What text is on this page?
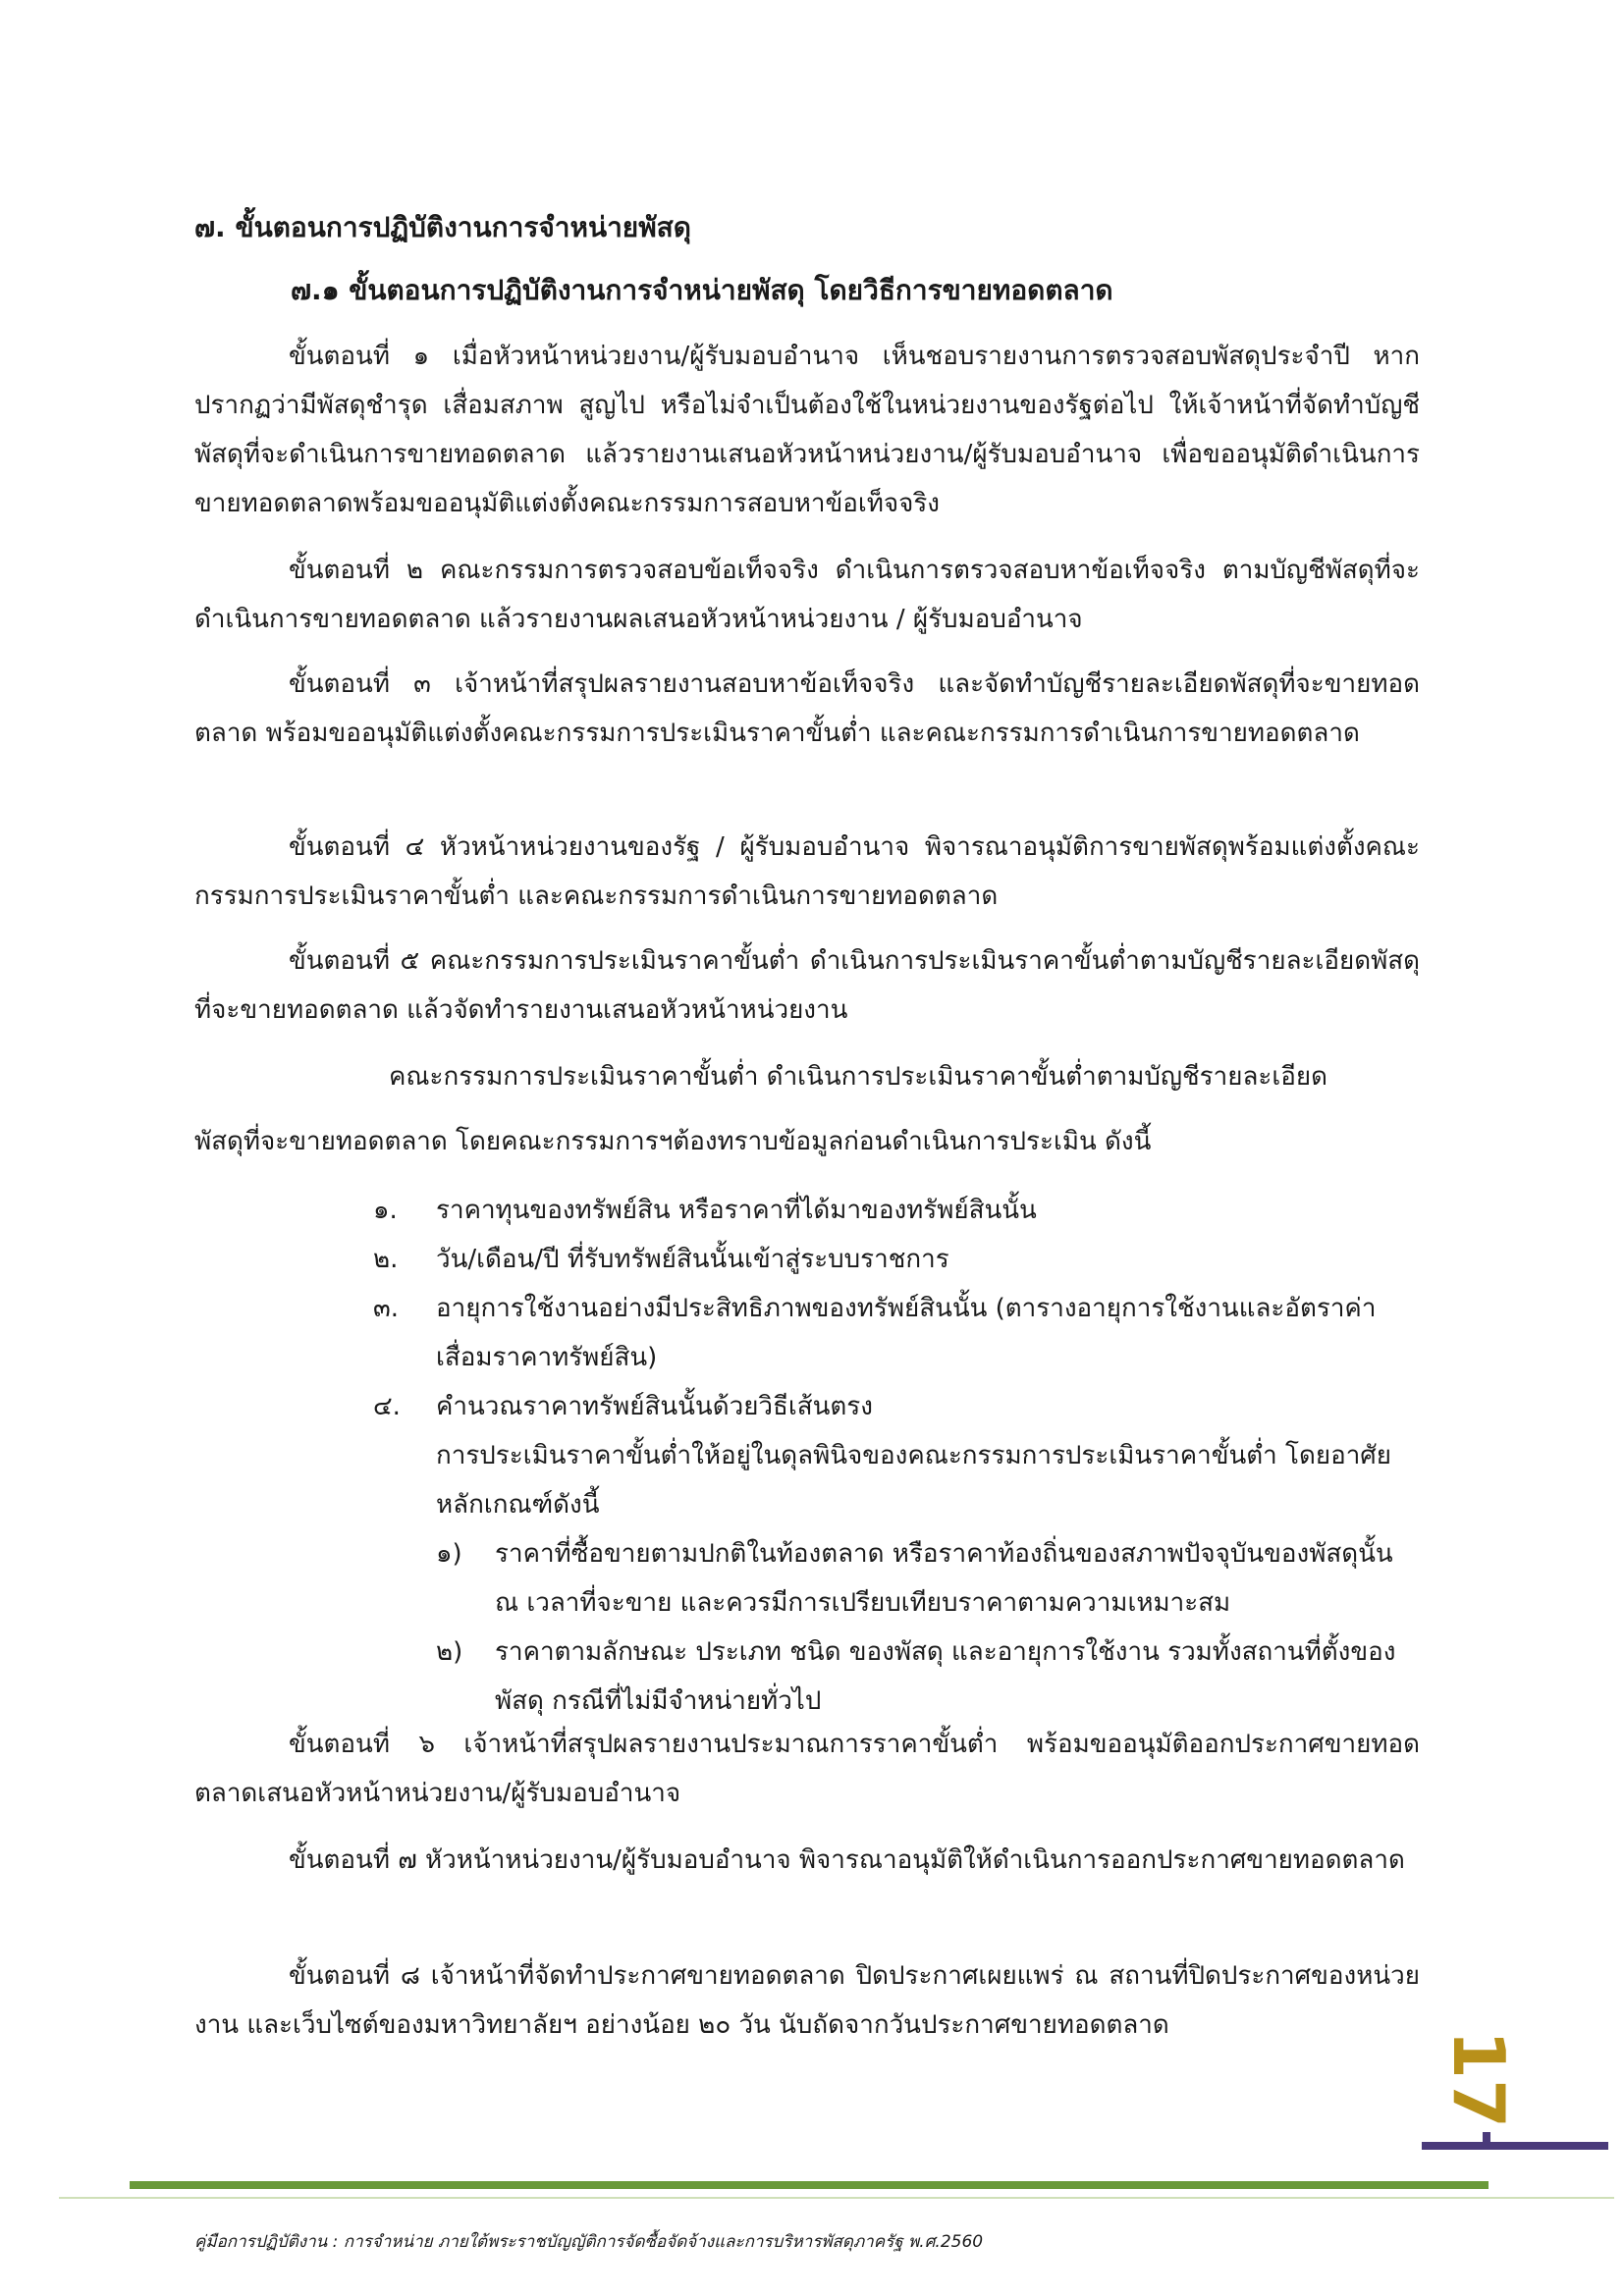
๗. ขั้นตอนการปฏิบัติงานการจำหน่ายพัสดุ
๗.๑ ขั้นตอนการปฏิบัติงานการจำหน่ายพัสดุ โดยวิธีการขายทอดตลาด

ขั้นตอนที่ ๑ เมื่อหัวหน้าหน่วยงาน/ผู้รับมอบอำนาจ เห็นชอบรายงานการตรวจสอบพัสดุประจำปี หากปรากฏว่ามีพัสดุชำรุด เสื่อมสภาพ สูญไป หรือไม่จำเป็นต้องใช้ในหน่วยงานของรัฐต่อไป ให้เจ้าหน้าที่จัดทำบัญชีพัสดุที่จะดำเนินการขายทอดตลาด แล้วรายงานเสนอหัวหน้าหน่วยงาน/ผู้รับมอบอำนาจ เพื่อขออนุมัติดำเนินการขายทอดตลาดพร้อมขออนุมัติแต่งตั้งคณะกรรมการสอบหาข้อเท็จจริง

ขั้นตอนที่ ๒ คณะกรรมการตรวจสอบข้อเท็จจริง ดำเนินการตรวจสอบหาข้อเท็จจริง ตามบัญชีพัสดุที่จะดำเนินการขายทอดตลาด แล้วรายงานผลเสนอหัวหน้าหน่วยงาน / ผู้รับมอบอำนาจ

ขั้นตอนที่ ๓ เจ้าหน้าที่สรุปผลรายงานสอบหาข้อเท็จจริง และจัดทำบัญชีรายละเอียดพัสดุที่จะขายทอดตลาด พร้อมขออนุมัติแต่งตั้งคณะกรรมการประเมินราคาขั้นต่ำ และคณะกรรมการดำเนินการขายทอดตลาด

ขั้นตอนที่ ๔ หัวหน้าหน่วยงานของรัฐ / ผู้รับมอบอำนาจ พิจารณาอนุมัติการขายพัสดุพร้อมแต่งตั้งคณะกรรมการประเมินราคาขั้นต่ำ และคณะกรรมการดำเนินการขายทอดตลาด

ขั้นตอนที่ ๕ คณะกรรมการประเมินราคาขั้นต่ำ ดำเนินการประเมินราคาขั้นต่ำตามบัญชีรายละเอียดพัสดุที่จะขายทอดตลาด แล้วจัดทำรายงานเสนอหัวหน้าหน่วยงาน

คณะกรรมการประเมินราคาขั้นต่ำ ดำเนินการประเมินราคาขั้นต่ำตามบัญชีรายละเอียด

พัสดุที่จะขายทอดตลาด โดยคณะกรรมการฯต้องทราบข้อมูลก่อนดำเนินการประเมิน ดังนี้

๑. ราคาทุนของทรัพย์สิน หรือราคาที่ได้มาของทรัพย์สินนั้น
๒. วัน/เดือน/ปี ที่รับทรัพย์สินนั้นเข้าสู่ระบบราชการ
๓. อายุการใช้งานอย่างมีประสิทธิภาพของทรัพย์สินนั้น (ตารางอายุการใช้งานและอัตราค่าเสื่อมราคาทรัพย์สิน)
๔. คำนวณราคาทรัพย์สินนั้นด้วยวิธีเส้นตรง
การประเมินราคาขั้นต่ำให้อยู่ในดุลพินิจของคณะกรรมการประเมินราคาขั้นต่ำ โดยอาศัยหลักเกณฑ์ดังนี้
๑) ราคาที่ซื้อขายตามปกติในท้องตลาด หรือราคาท้องถิ่นของสภาพปัจจุบันของพัสดุนั้น ณ เวลาที่จะขาย และควรมีการเปรียบเทียบราคาตามความเหมาะสม
๒) ราคาตามลักษณะ ประเภท ชนิด ของพัสดุ และอายุการใช้งาน รวมทั้งสถานที่ตั้งของพัสดุ กรณีที่ไม่มีจำหน่ายทั่วไป

ขั้นตอนที่ ๖ เจ้าหน้าที่สรุปผลรายงานประมาณการราคาขั้นต่ำ พร้อมขออนุมัติออกประกาศขายทอดตลาดเสนอหัวหน้าหน่วยงาน/ผู้รับมอบอำนาจ

ขั้นตอนที่ ๗ หัวหน้าหน่วยงาน/ผู้รับมอบอำนาจ พิจารณาอนุมัติให้ดำเนินการออกประกาศขายทอดตลาด

ขั้นตอนที่ ๘ เจ้าหน้าที่จัดทำประกาศขายทอดตลาด ปิดประกาศเผยแพร่ ณ สถานที่ปิดประกาศของหน่วยงาน และเว็บไซต์ของมหาวิทยาลัยฯ อย่างน้อย ๒๐ วัน นับถัดจากวันประกาศขายทอดตลาด

17
คู่มือการปฏิบัติงาน : การจำหน่าย ภายใต้พระราชบัญญัติการจัดซื้อจัดจ้างและการบริหารพัสดุภาครัฐ พ.ศ.2560
